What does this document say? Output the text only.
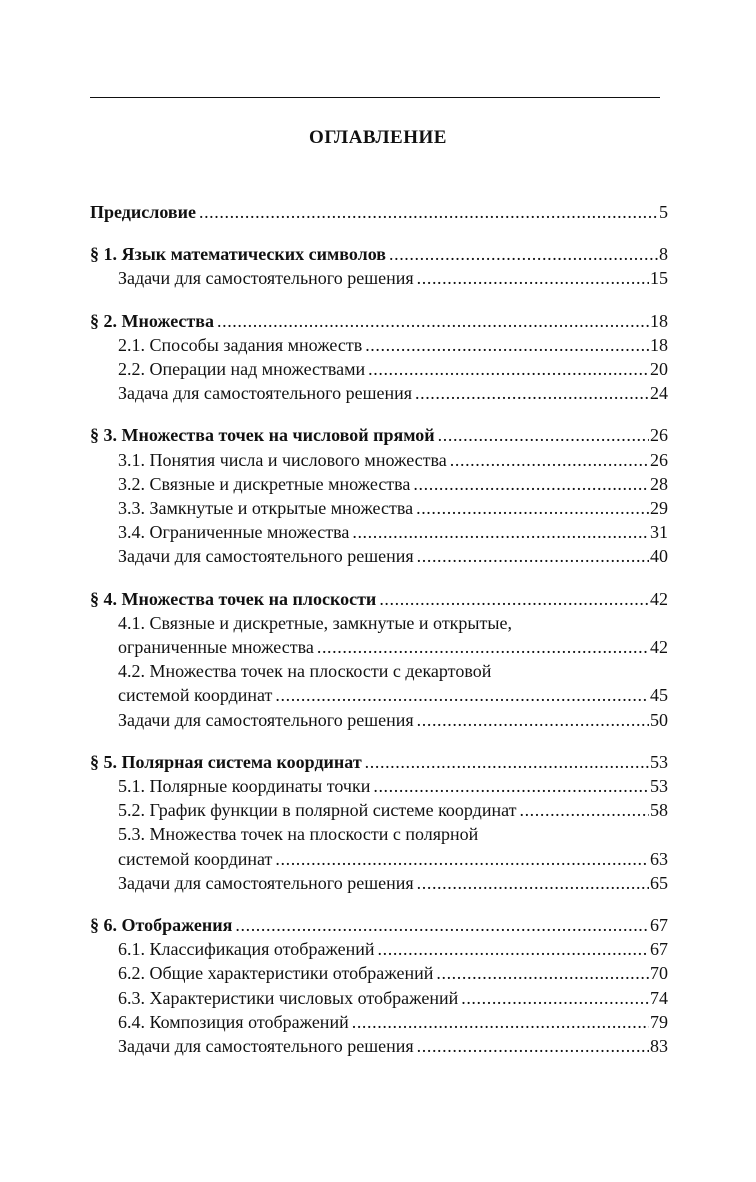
ОГЛАВЛЕНИЕ
Предисловие .....	5
§ 1. Язык математических символов .....	8
Задачи для самостоятельного решения .....	15
§ 2. Множества .....	18
2.1. Способы задания множеств .....	18
2.2. Операции над множествами .....	20
Задача для самостоятельного решения .....	24
§ 3. Множества точек на числовой прямой .....	26
3.1. Понятия числа и числового множества .....	26
3.2. Связные и дискретные множества .....	28
3.3. Замкнутые и открытые множества .....	29
3.4. Ограниченные множества .....	31
Задачи для самостоятельного решения .....	40
§ 4. Множества точек на плоскости .....	42
4.1. Связные и дискретные, замкнутые и открытые,
ограниченные множества .....	42
4.2. Множества точек на плоскости с декартовой
системой координат .....	45
Задачи для самостоятельного решения .....	50
§ 5. Полярная система координат .....	53
5.1. Полярные координаты точки .....	53
5.2. График функции в полярной системе координат .....	58
5.3. Множества точек на плоскости с полярной
системой координат .....	63
Задачи для самостоятельного решения .....	65
§ 6. Отображения .....	67
6.1. Классификация отображений .....	67
6.2. Общие характеристики отображений .....	70
6.3. Характеристики числовых отображений .....	74
6.4. Композиция отображений .....	79
Задачи для самостоятельного решения .....	83
